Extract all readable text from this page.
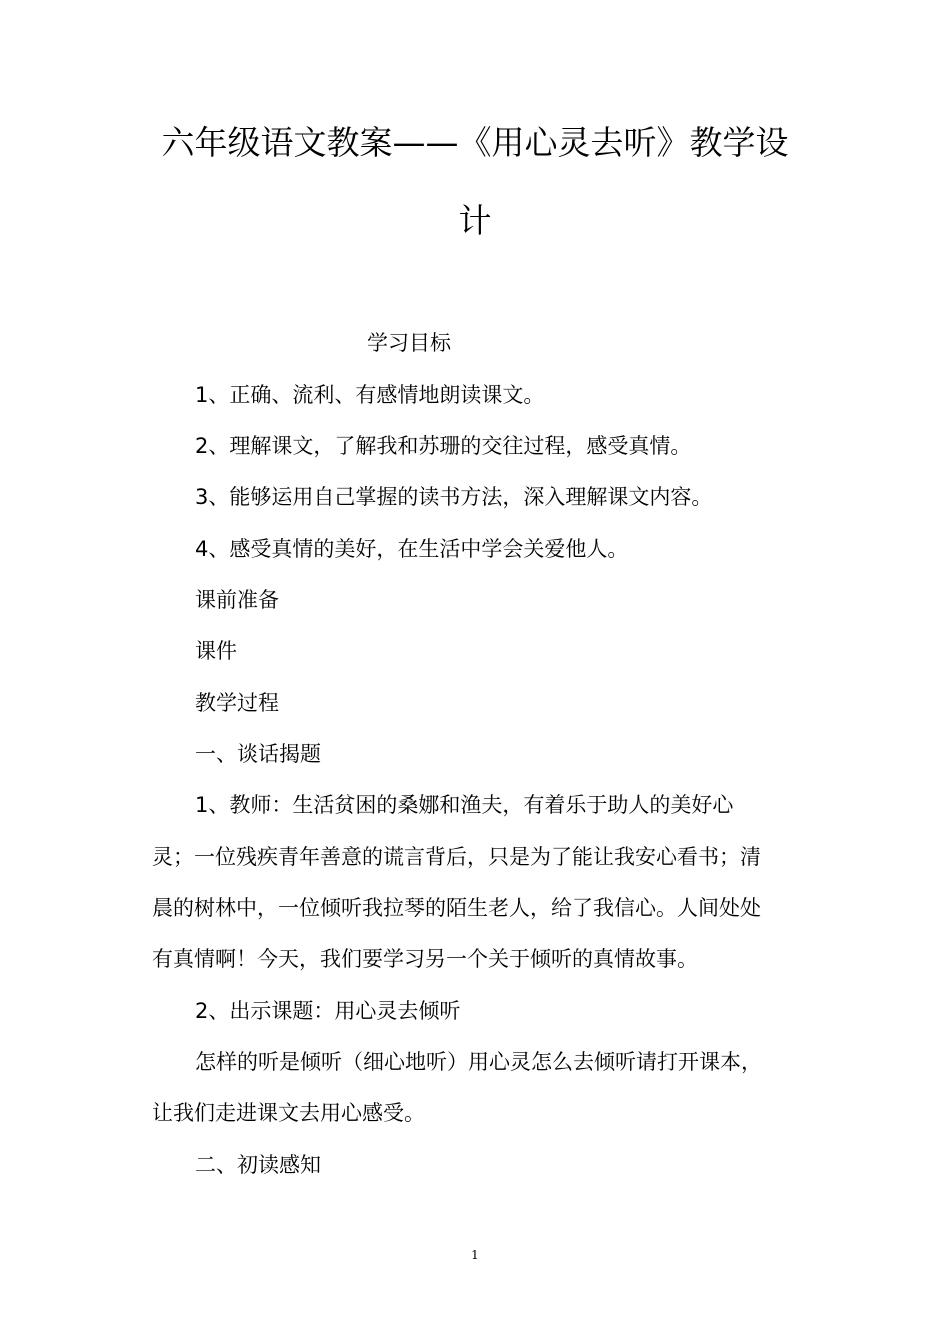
六年级语文教案——《用心灵去听》教学设
计

学习目标

1、正确、流利、有感情地朗读课文。

2、理解课文，了解我和苏珊的交往过程，感受真情。

3、能够运用自己掌握的读书方法，深入理解课文内容。

4、感受真情的美好，在生活中学会关爱他人。

课前准备

课件

教学过程

一、谈话揭题

1、教师：生活贫困的桑娜和渔夫，有着乐于助人的美好心

灵；一位残疾青年善意的谎言背后，只是为了能让我安心看书；清

晨的树林中，一位倾听我拉琴的陌生老人，给了我信心。人间处处

有真情啊！今天，我们要学习另一个关于倾听的真情故事。

2、出示课题：用心灵去倾听

怎样的听是倾听（细心地听）用心灵怎么去倾听请打开课本，

让我们走进课文去用心感受。

二、初读感知

1
